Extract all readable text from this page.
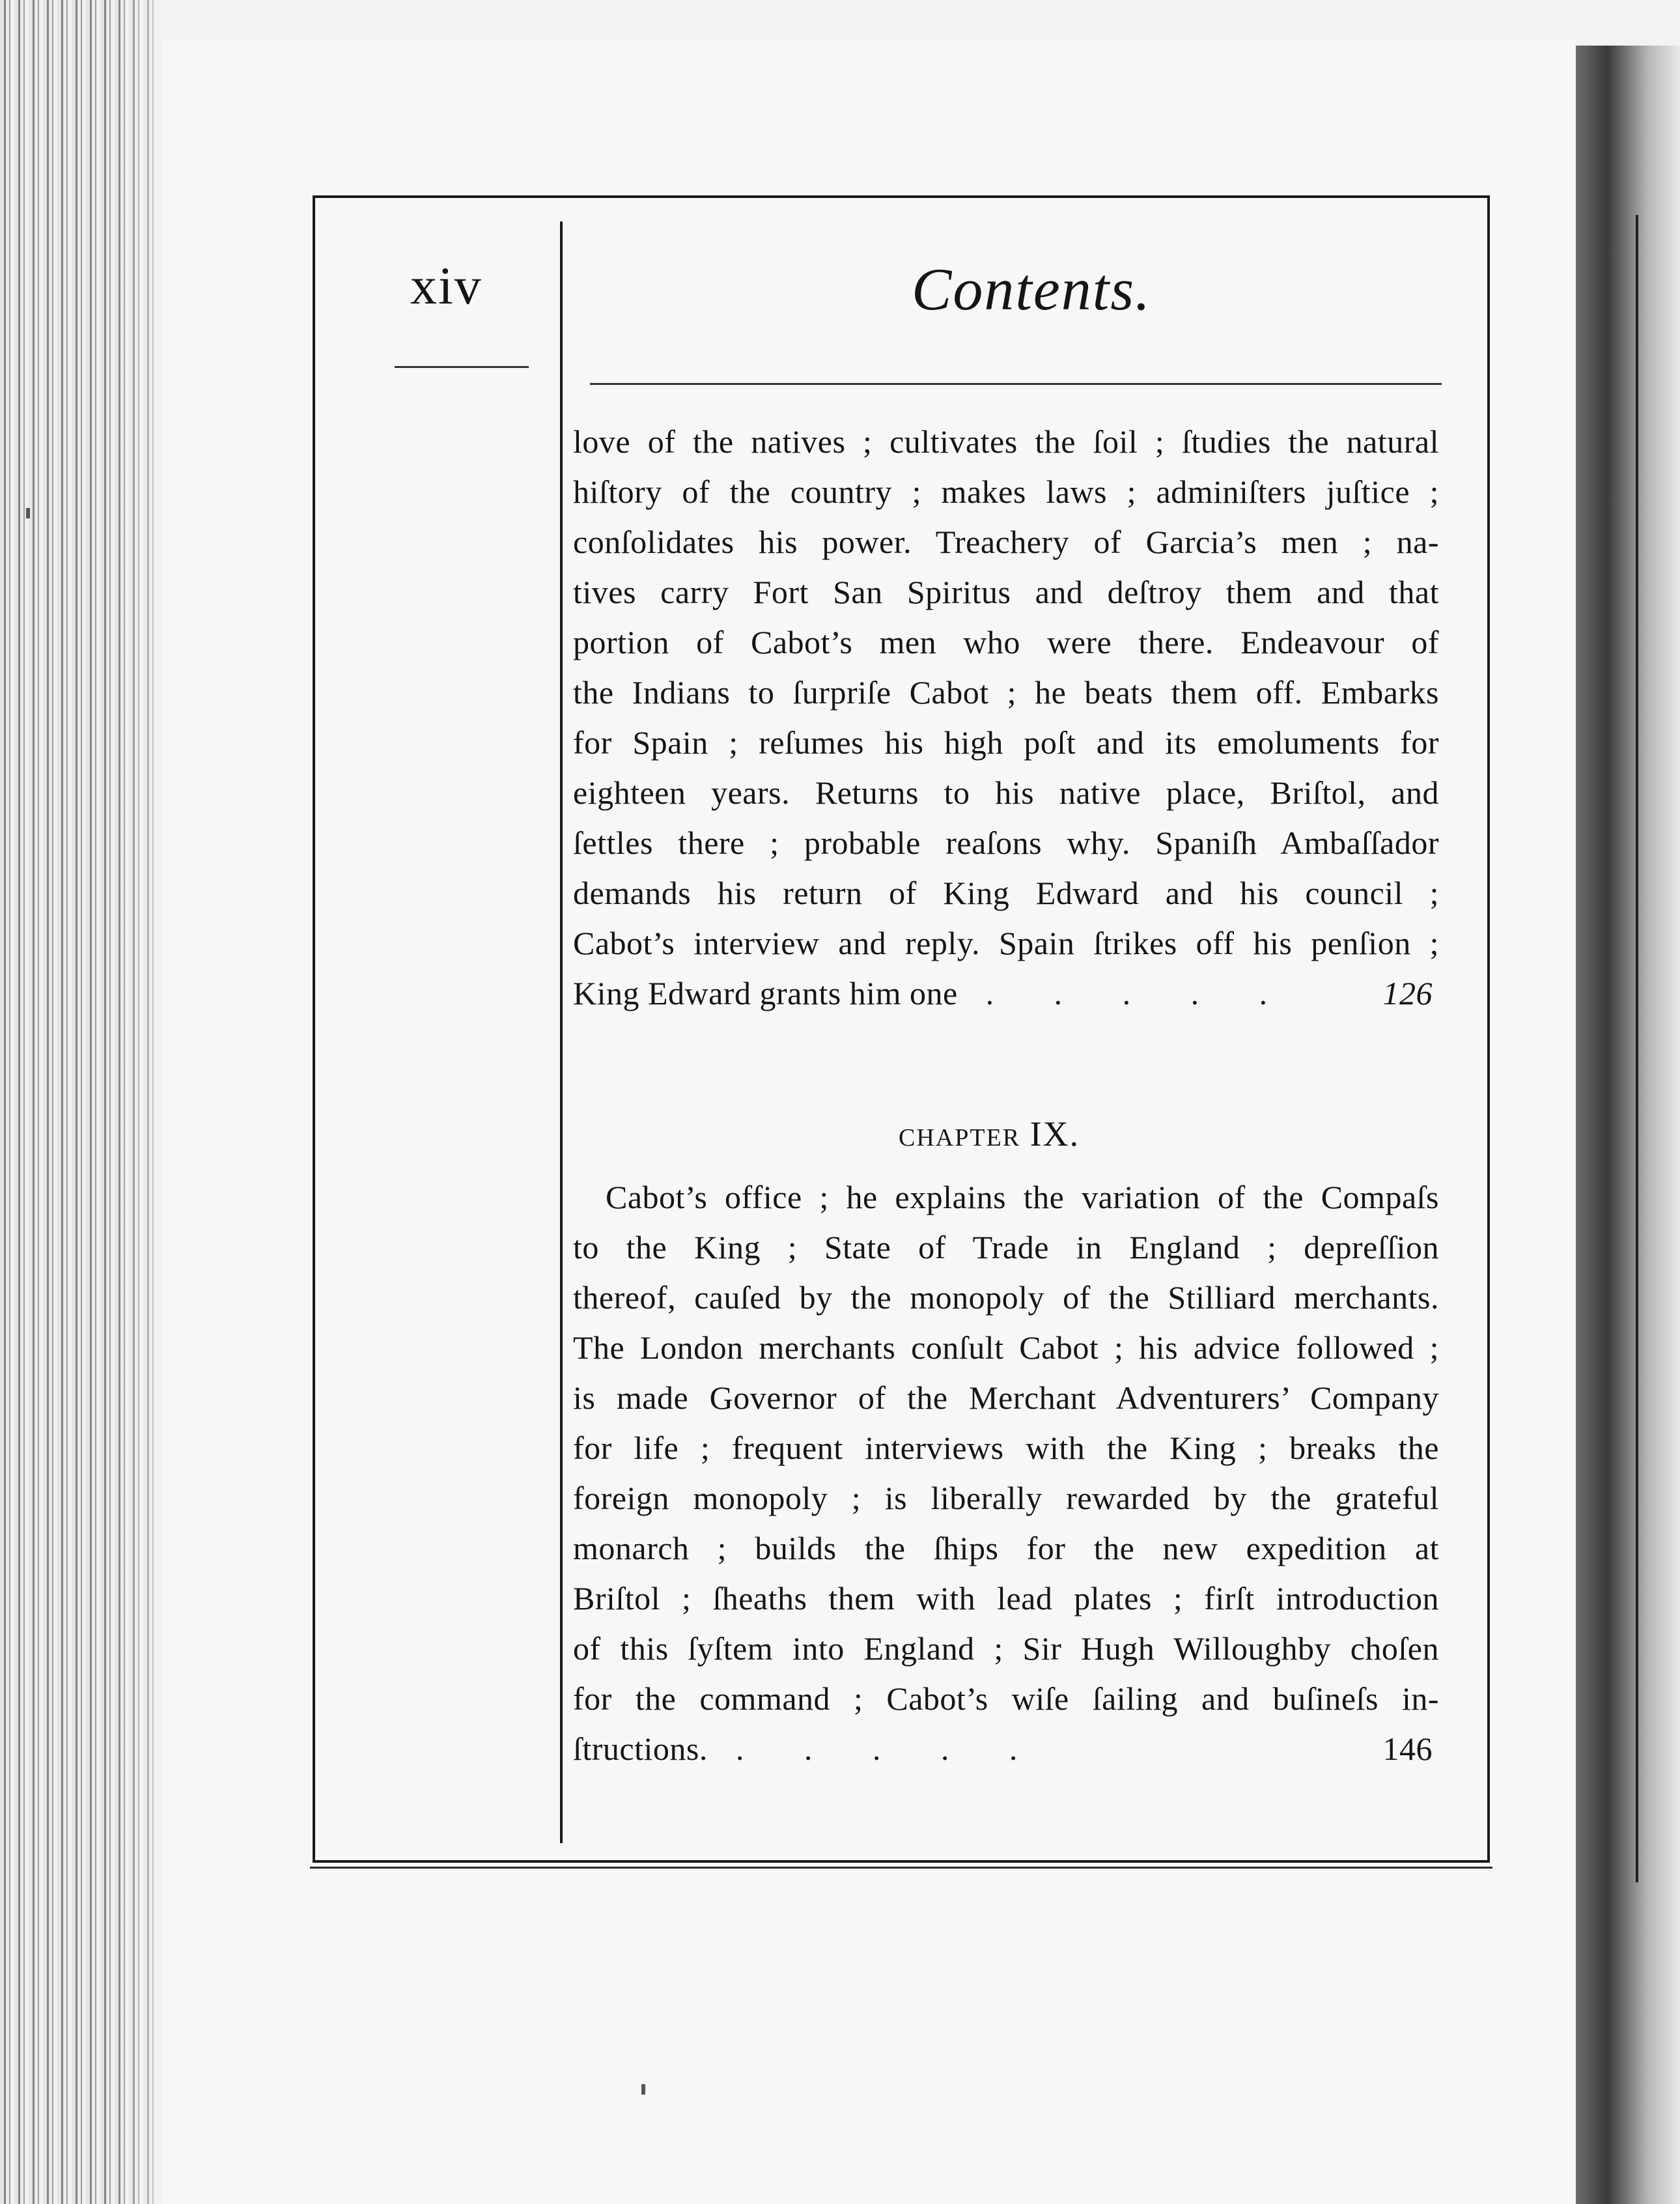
xiv	Contents.
love of the natives ; cultivates the ſoil ; ſtudies the natural
hiſtory of the country ; makes laws ; adminiſters juſtice ;
conſolidates his power. Treachery of Garcia’s men ; na-
tives carry Fort San Spiritus and deſtroy them and that
portion of Cabot’s men who were there. Endeavour of
the Indians to ſurpriſe Cabot ; he beats them off. Embarks
for Spain ; reſumes his high poſt and its emoluments for
eighteen years. Returns to his native place, Briſtol, and
ſettles there ; probable reaſons why. Spaniſh Ambaſſador
demands his return of King Edward and his council ;
Cabot’s interview and reply. Spain ſtrikes off his penſion ;
King Edward grants him one . . . . .	126
CHAPTER IX.
Cabot’s office ; he explains the variation of the Compaſs
to the King ; State of Trade in England ; depreſſion
thereof, cauſed by the monopoly of the Stilliard merchants.
The London merchants conſult Cabot ; his advice followed ;
is made Governor of the Merchant Adventurers’ Company
for life ; frequent interviews with the King ; breaks the
foreign monopoly ; is liberally rewarded by the grateful
monarch ; builds the ſhips for the new expedition at
Briſtol ; ſheaths them with lead plates ; firſt introduction
of this ſyſtem into England ; Sir Hugh Willoughby choſen
for the command ; Cabot’s wiſe ſailing and buſineſs in-
ſtructions. . . . . .	146
